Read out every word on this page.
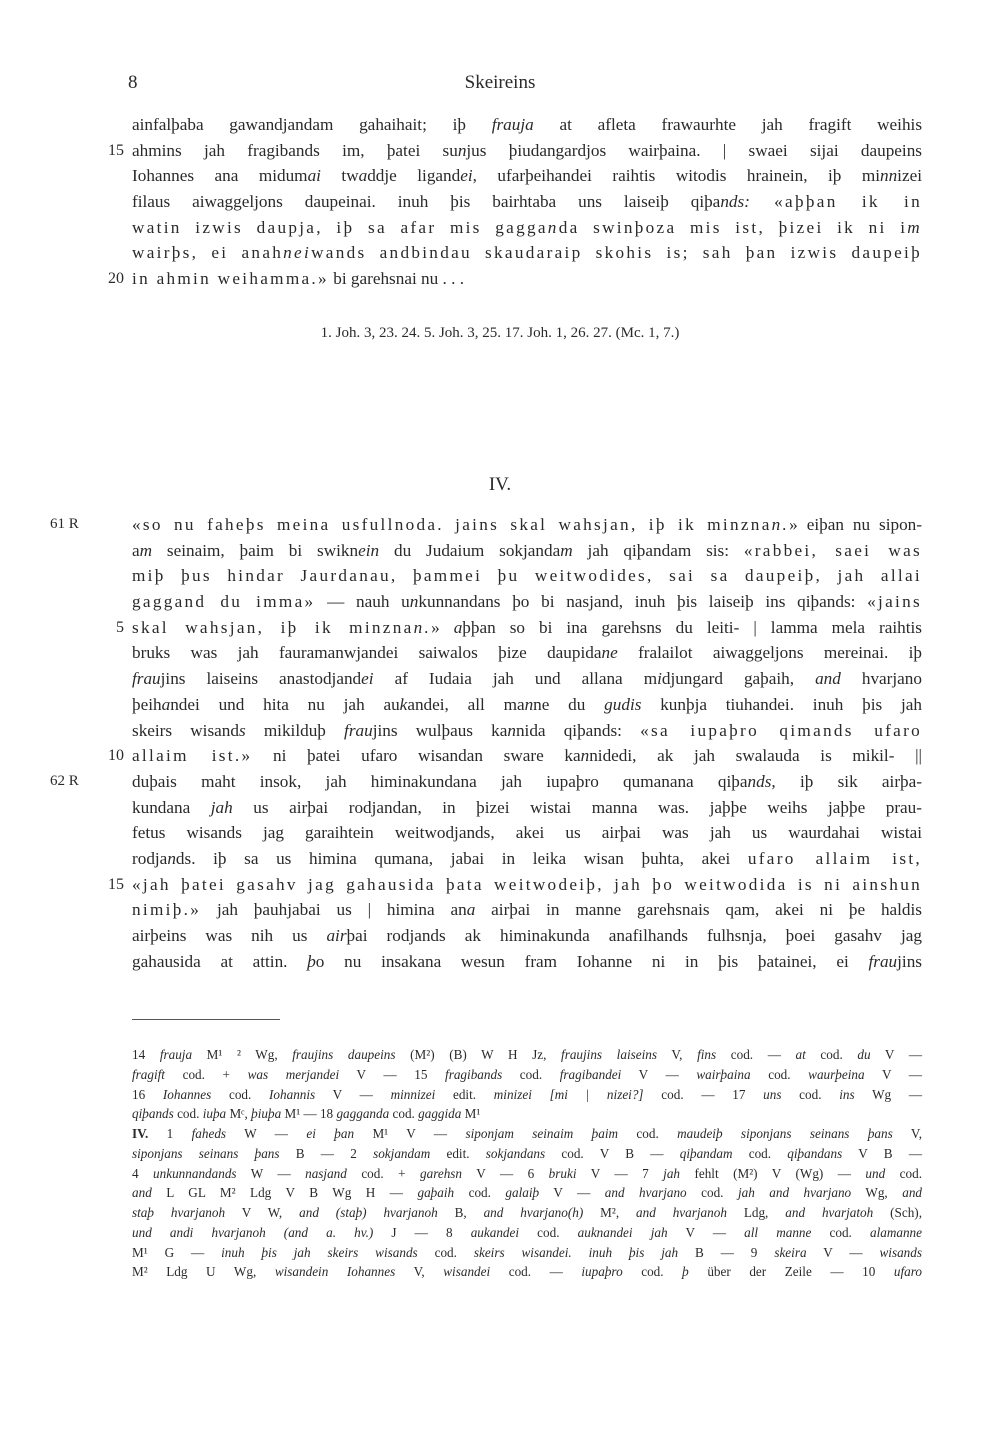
8	Skeireins
ainfalþaba gawandjandam gahaihait; iþ frauja at afleta frawaurhte jah fragift weihis
15 ahmins jah fragibands im, þatei sunjus þiudangardjos wairþaina. | swaei sijai daupeins
Iohannes ana midumai twaddje ligandei, ufarþeihandei raihtis witodis hrainein, iþ minnizei
filaus aiwaggeljons daupeinai. inuh þis bairhtaba uns laiseiþ qiþands: «aþþan ik in
watin izwis daupja, iþ sa afar mis gagganda swinþoza mis ist, þizei ik ni im
wairþs, ei anahneiwands andbindau skaudaraip skohis is; sah þan izwis daupeiþ
20 in ahmin weihamma.» bi garehsnai nu . . .
1. Joh. 3, 23. 24. 5. Joh. 3, 25. 17. Joh. 1, 26. 27. (Mc. 1, 7.)
IV.
61 R	«so nu faheþs meina usfullnoda. jains skal wahsjan, iþ ik minznan.» eiþan nu sipon-
am seinaim, þaim bi swiknein du Judaium sokjandam jah qiþandam sis: «rabbei, saei was
miþ þus hindar Jaurdanau, þammei þu weitwodides, sai sa daupeiþ, jah allai
gaggand du imma» — nauh unkunnandans þo bi nasjand, inuh þis laiseiþ ins qiþands: «jains
5 skal wahsjan, iþ ik minznan.» aþþan so bi ina garehsns du leiti- | lamma mela raihtis
bruks was jah fauramanwjandei saiwalos þize daupidane fralailot aiwaggeljons mereinai. iþ
fraujins laiseins anastodjandei af Iudaia jah und allana midjungard gaþaih, and hvarjano
þeihandei und hita nu jah aukandei, all manne du gudis kunþja tiuhandei. inuh þis jah
skeirs wisands mikilduþ fraujins wulþaus kannida qiþands: «sa iupaþro qimands ufaro
10 allaim ist.» ni þatei ufaro wisandan sware kannidedi, ak jah swalauda is mikil- ||
62 R	duþais maht insok, jah himinakundana jah iupaþro qumanana qiþands, iþ sik airþa-
kundana jah us airþai rodjandan, in þizei wistai manna was. jaþþe weihs jaþþe prau-
fetus wisands jag garaihtein weitwodjands, akei us airþai was jah us waurdahai wistai
rodjands. iþ sa us himina qumana, jabai in leika wisan þuhta, akei ufaro allaim ist,
15 «jah þatei gasahv jag gahausida þata weitwodeiþ, jah þo weitwodida is ni ainshun
nimiþ.» jah þauhjabai us | himina ana airþai in manne garehsnais qam, akei ni þe haldis
airþeins was nih us airþai rodjands ak himinakunda anafilhands fulhsnja, þoei gasahv jag
gahausida at attin. þo nu insakana wesun fram Iohanne ni in þis þatainei, ei fraujins
14 frauja M¹ ² Wg, fraujins daupeins (M²) (B) W H Jz, fraujins laiseins V, fins cod. — at cod. du V —
fragift cod. + was merjandei V — 15 fragibands cod. fragibandei V — wairþaina cod. waurþeina V —
16 Iohannes cod. Iohannis V — minnizei edit. minizei [mi | nizei?] cod. — 17 uns cod. ins Wg —
qiþands cod. iuþa Mᶜ, þiuþa M¹ — 18 gagganda cod. gaggida M¹
IV. 1 faheds W — ei þan M¹ V — siponjam seinaim þaim cod. maudeiþ siponjans seinans þans V,
siponjans seinans þans B — 2 sokjandam edit. sokjandans cod. V B — qiþandam cod. qiþandans V B —
4 unkunnandands W — nasjand cod. + garehsn V — 6 bruki V — 7 jah fehlt (M²) V (Wg) — und cod.
and L GL M² Ldg V B Wg H — gaþaih cod. galaiþ V — and hvarjano cod. jah and hvarjano Wg, and
staþ hvarjanoh V W, and (staþ) hvarjanoh B, and hvarjano(h) M², and hvarjanoh Ldg, and hvarjatoh (Sch),
und andi hvarjanoh (and a. hv.) J — 8 aukandei cod. auknandei jah V — all manne cod. alamanne
M¹ G — inuh þis jah skeirs wisands cod. skeirs wisandei. inuh þis jah B — 9 skeira V — wisands
M² Ldg U Wg, wisandein Iohannes V, wisandei cod. — iupaþro cod. þ über der Zeile — 10 ufaro
